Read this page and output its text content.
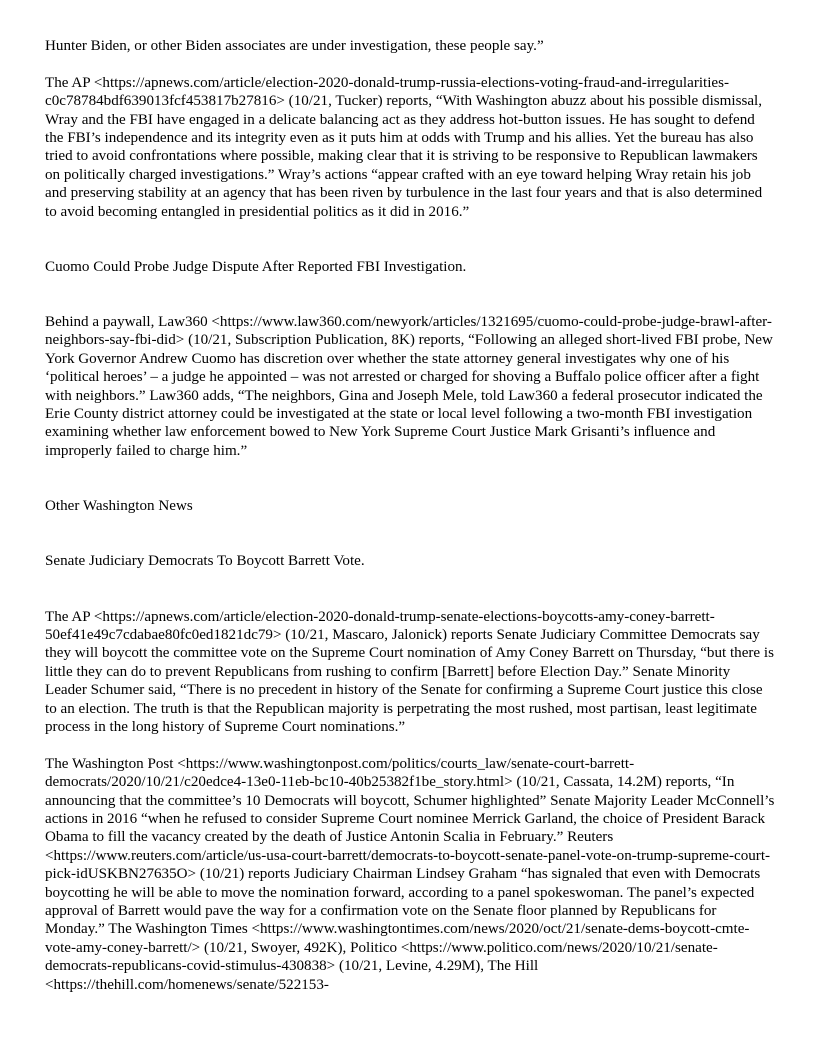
Hunter Biden, or other Biden associates are under investigation, these people say.”

The AP <https://apnews.com/article/election-2020-donald-trump-russia-elections-voting-fraud-and-irregularities-c0c78784bdf639013fcf453817b27816> (10/21, Tucker) reports, “With Washington abuzz about his possible dismissal, Wray and the FBI have engaged in a delicate balancing act as they address hot-button issues. He has sought to defend the FBI’s independence and its integrity even as it puts him at odds with Trump and his allies. Yet the bureau has also tried to avoid confrontations where possible, making clear that it is striving to be responsive to Republican lawmakers on politically charged investigations.” Wray’s actions “appear crafted with an eye toward helping Wray retain his job and preserving stability at an agency that has been riven by turbulence in the last four years and that is also determined to avoid becoming entangled in presidential politics as it did in 2016.”

Cuomo Could Probe Judge Dispute After Reported FBI Investigation.

Behind a paywall, Law360 <https://www.law360.com/newyork/articles/1321695/cuomo-could-probe-judge-brawl-after-neighbors-say-fbi-did> (10/21, Subscription Publication, 8K) reports, “Following an alleged short-lived FBI probe, New York Governor Andrew Cuomo has discretion over whether the state attorney general investigates why one of his ‘political heroes’ – a judge he appointed – was not arrested or charged for shoving a Buffalo police officer after a fight with neighbors.” Law360 adds, “The neighbors, Gina and Joseph Mele, told Law360 a federal prosecutor indicated the Erie County district attorney could be investigated at the state or local level following a two-month FBI investigation examining whether law enforcement bowed to New York Supreme Court Justice Mark Grisanti’s influence and improperly failed to charge him.”

Other Washington News

Senate Judiciary Democrats To Boycott Barrett Vote.

The AP <https://apnews.com/article/election-2020-donald-trump-senate-elections-boycotts-amy-coney-barrett-50ef41e49c7cdabae80fc0ed1821dc79> (10/21, Mascaro, Jalonick) reports Senate Judiciary Committee Democrats say they will boycott the committee vote on the Supreme Court nomination of Amy Coney Barrett on Thursday, “but there is little they can do to prevent Republicans from rushing to confirm [Barrett] before Election Day.” Senate Minority Leader Schumer said, “There is no precedent in history of the Senate for confirming a Supreme Court justice this close to an election. The truth is that the Republican majority is perpetrating the most rushed, most partisan, least legitimate process in the long history of Supreme Court nominations.”

The Washington Post <https://www.washingtonpost.com/politics/courts_law/senate-court-barrett-democrats/2020/10/21/c20edce4-13e0-11eb-bc10-40b25382f1be_story.html> (10/21, Cassata, 14.2M) reports, “In announcing that the committee’s 10 Democrats will boycott, Schumer highlighted” Senate Majority Leader McConnell’s actions in 2016 “when he refused to consider Supreme Court nominee Merrick Garland, the choice of President Barack Obama to fill the vacancy created by the death of Justice Antonin Scalia in February.” Reuters <https://www.reuters.com/article/us-usa-court-barrett/democrats-to-boycott-senate-panel-vote-on-trump-supreme-court-pick-idUSKBN27635O> (10/21) reports Judiciary Chairman Lindsey Graham “has signaled that even with Democrats boycotting he will be able to move the nomination forward, according to a panel spokeswoman. The panel’s expected approval of Barrett would pave the way for a confirmation vote on the Senate floor planned by Republicans for Monday.” The Washington Times <https://www.washingtontimes.com/news/2020/oct/21/senate-dems-boycott-cmte-vote-amy-coney-barrett/> (10/21, Swoyer, 492K), Politico <https://www.politico.com/news/2020/10/21/senate-democrats-republicans-covid-stimulus-430838> (10/21, Levine, 4.29M), The Hill <https://thehill.com/homenews/senate/522153-
